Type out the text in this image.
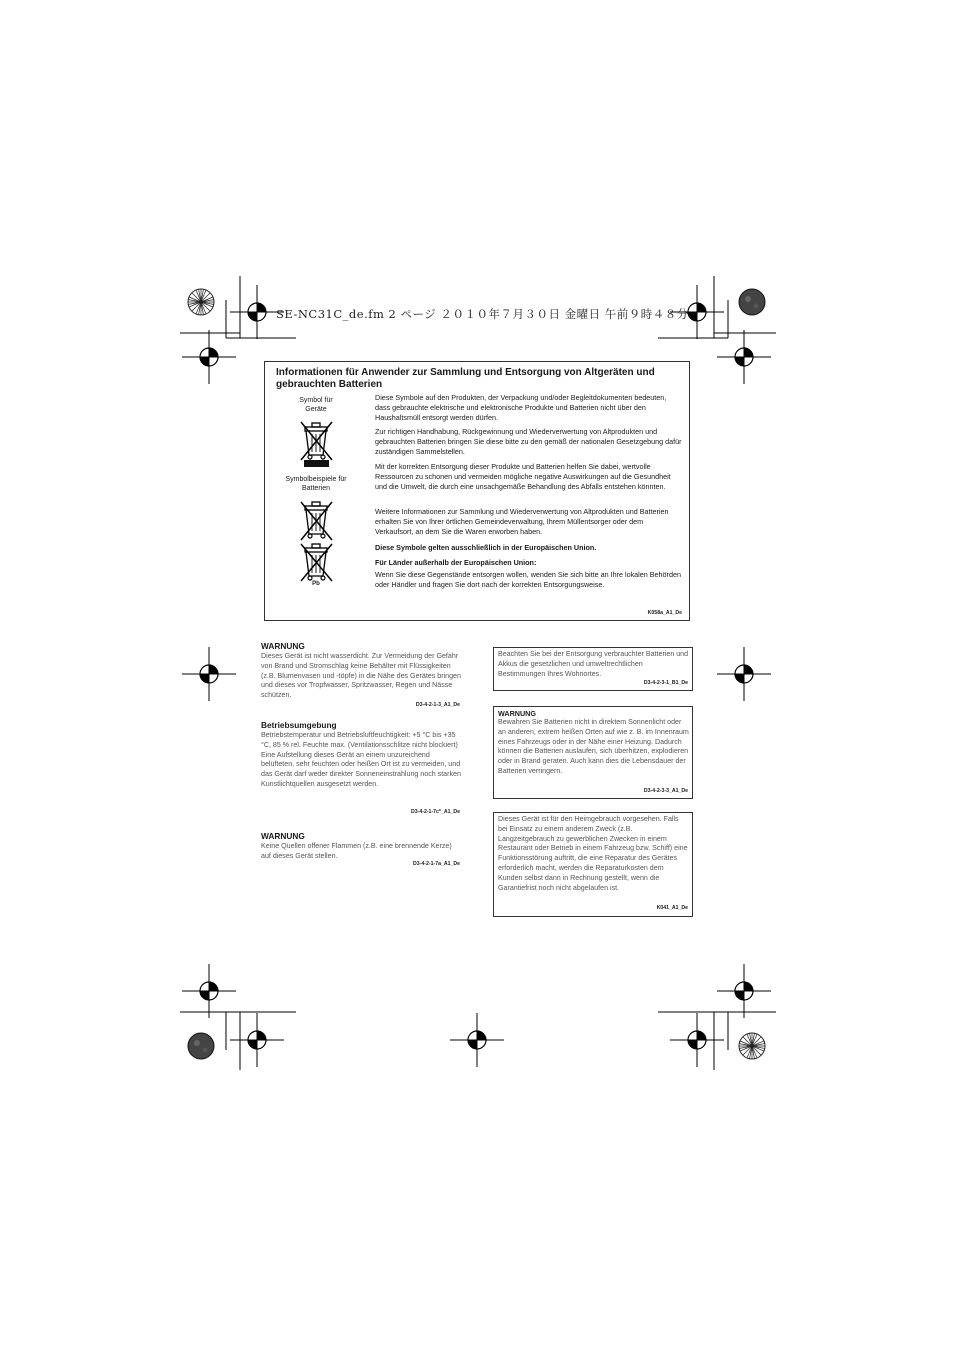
SE-NC31C_de.fm 2 ページ ２０１０年７月３０日 金曜日 午前９時４８分
Informationen für Anwender zur Sammlung und Entsorgung von Altgeräten und gebrauchten Batterien
Symbol für Geräte
Symbolbeispiele für Batterien
Pb
Diese Symbole auf den Produkten, der Verpackung und/oder Begleitdokumenten bedeuten, dass gebrauchte elektrische und elektronische Produkte und Batterien nicht über den Haushaltsmüll entsorgt werden dürfen.
Zur richtigen Handhabung, Rückgewinnung und Wiederverwertung von Altprodukten und gebrauchten Batterien bringen Sie diese bitte zu den gemäß der nationalen Gesetzgebung dafür zuständigen Sammelstellen.
Mit der korrekten Entsorgung dieser Produkte und Batterien helfen Sie dabei, wertvolle Ressourcen zu schonen und vermeiden mögliche negative Auswirkungen auf die Gesundheit und die Umwelt, die durch eine unsachgemäße Behandlung des Abfalls entstehen könnten.
Weitere Informationen zur Sammlung und Wiederverwertung von Altprodukten und Batterien erhalten Sie von Ihrer örtlichen Gemeindeverwaltung, Ihrem Müllentsorger oder dem Verkaufsort, an dem Sie die Waren erworben haben.
Diese Symbole gelten ausschließlich in der Europäischen Union.
Für Länder außerhalb der Europäischen Union:
Wenn Sie diese Gegenstände entsorgen wollen, wenden Sie sich bitte an Ihre lokalen Behörden oder Händler und fragen Sie dort nach der korrekten Entsorgungsweise.
K058a_A1_De
WARNUNG
Dieses Gerät ist nicht wasserdicht. Zur Vermeidung der Gefahr von Brand und Stromschlag keine Behälter mit Flüssigkeiten (z.B. Blumenvasen und -töpfe) in die Nähe des Gerätes bringen und dieses vor Tropfwasser, Spritzwasser, Regen und Nässe schützen.
D3-4-2-1-3_A1_De
Betriebsumgebung
Betriebstemperatur und Betriebsluftfeuchtigkeit: +5 °C bis +35 °C, 85 % rel. Feuchte max. (Ventilationsschlitze nicht blockiert) Eine Aufstellung dieses Gerät an einem unzureichend belüfteten, sehr feuchten oder heißen Ort ist zu vermeiden, und das Gerät darf weder direkter Sonneneinstrahlung noch starken Kunstlichtquellen ausgesetzt werden.
D3-4-2-1-7c*_A1_De
WARNUNG
Keine Quellen offener Flammen (z.B. eine brennende Kerze) auf dieses Gerät stellen.
D3-4-2-1-7a_A1_De
Beachten Sie bei der Entsorgung verbrauchter Batterien und Akkus die gesetzlichen und umweltrechtlichen Bestimmungen Ihres Wohnortes.
D3-4-2-3-1_B1_De
WARNUNG
Bewahren Sie Batterien nicht in direktem Sonnenlicht oder an anderen, extrem heißen Orten auf wie z. B. im Innenraum eines Fahrzeugs oder in der Nähe einer Heizung. Dadurch können die Batterien auslaufen, sich überhitzen, explodieren oder in Brand geraten. Auch kann dies die Lebensdauer der Batterien verringern.
D3-4-2-3-3_A1_De
Dieses Gerät ist für den Heimgebrauch vorgesehen. Falls bei Einsatz zu einem anderem Zweck (z.B. Langzeitgebrauch zu gewerblichen Zwecken in einem Restaurant oder Betrieb in einem Fahrzeug bzw. Schiff) eine Funktionsstörung auftritt, die eine Reparatur des Gerätes erforderlich macht, werden die Reparaturkosten dem Kunden selbst dann in Rechnung gestellt, wenn die Garantiefrist noch nicht abgelaufen ist.
K041_A1_De
